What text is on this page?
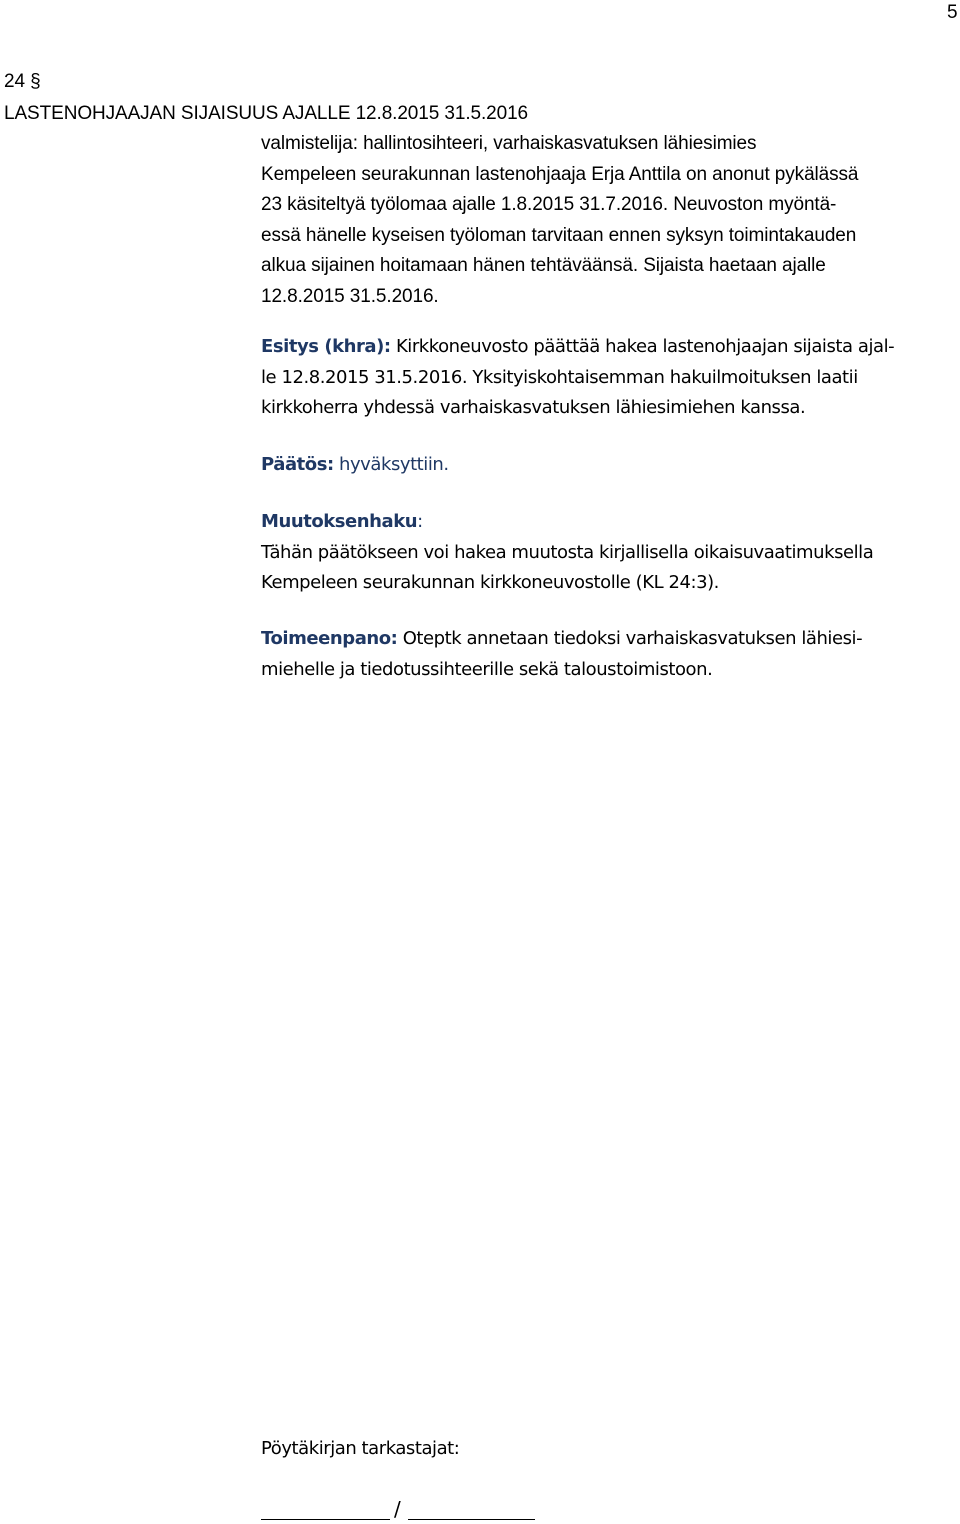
5
24 §
LASTENOHJAAJAN SIJAISUUS AJALLE 12.8.2015 31.5.2016
valmistelija: hallintosihteeri, varhaiskasvatuksen lähiesimies
Kempeleen seurakunnan lastenohjaaja Erja Anttila on anonut pykälässä
23 käsiteltyä työlomaa ajalle 1.8.2015 31.7.2016. Neuvoston myöntä-
essä hänelle kyseisen työloman tarvitaan ennen syksyn toimintakauden
alkua sijainen hoitamaan hänen tehtäväänsä. Sijaista haetaan ajalle
12.8.2015 31.5.2016.
Esitys (khra): Kirkkoneuvosto päättää hakea lastenohjaajan sijaista ajal-
le 12.8.2015 31.5.2016. Yksityiskohtaisemman hakuilmoituksen laatii
kirkkoherra yhdessä varhaiskasvatuksen lähiesimiehen kanssa.
Päätös: hyväksyttiin.
Muutoksenhaku:
Tähän päätökseen voi hakea muutosta kirjallisella oikaisuvaatimuksella
Kempeleen seurakunnan kirkkoneuvostolle (KL 24:3).
Toimeenpano: Oteptk annetaan tiedoksi varhaiskasvatuksen lähiesi-
miehelle ja tiedotussihteerille sekä taloustoimistoon.
Pöytäkirjan tarkastajat:
/
